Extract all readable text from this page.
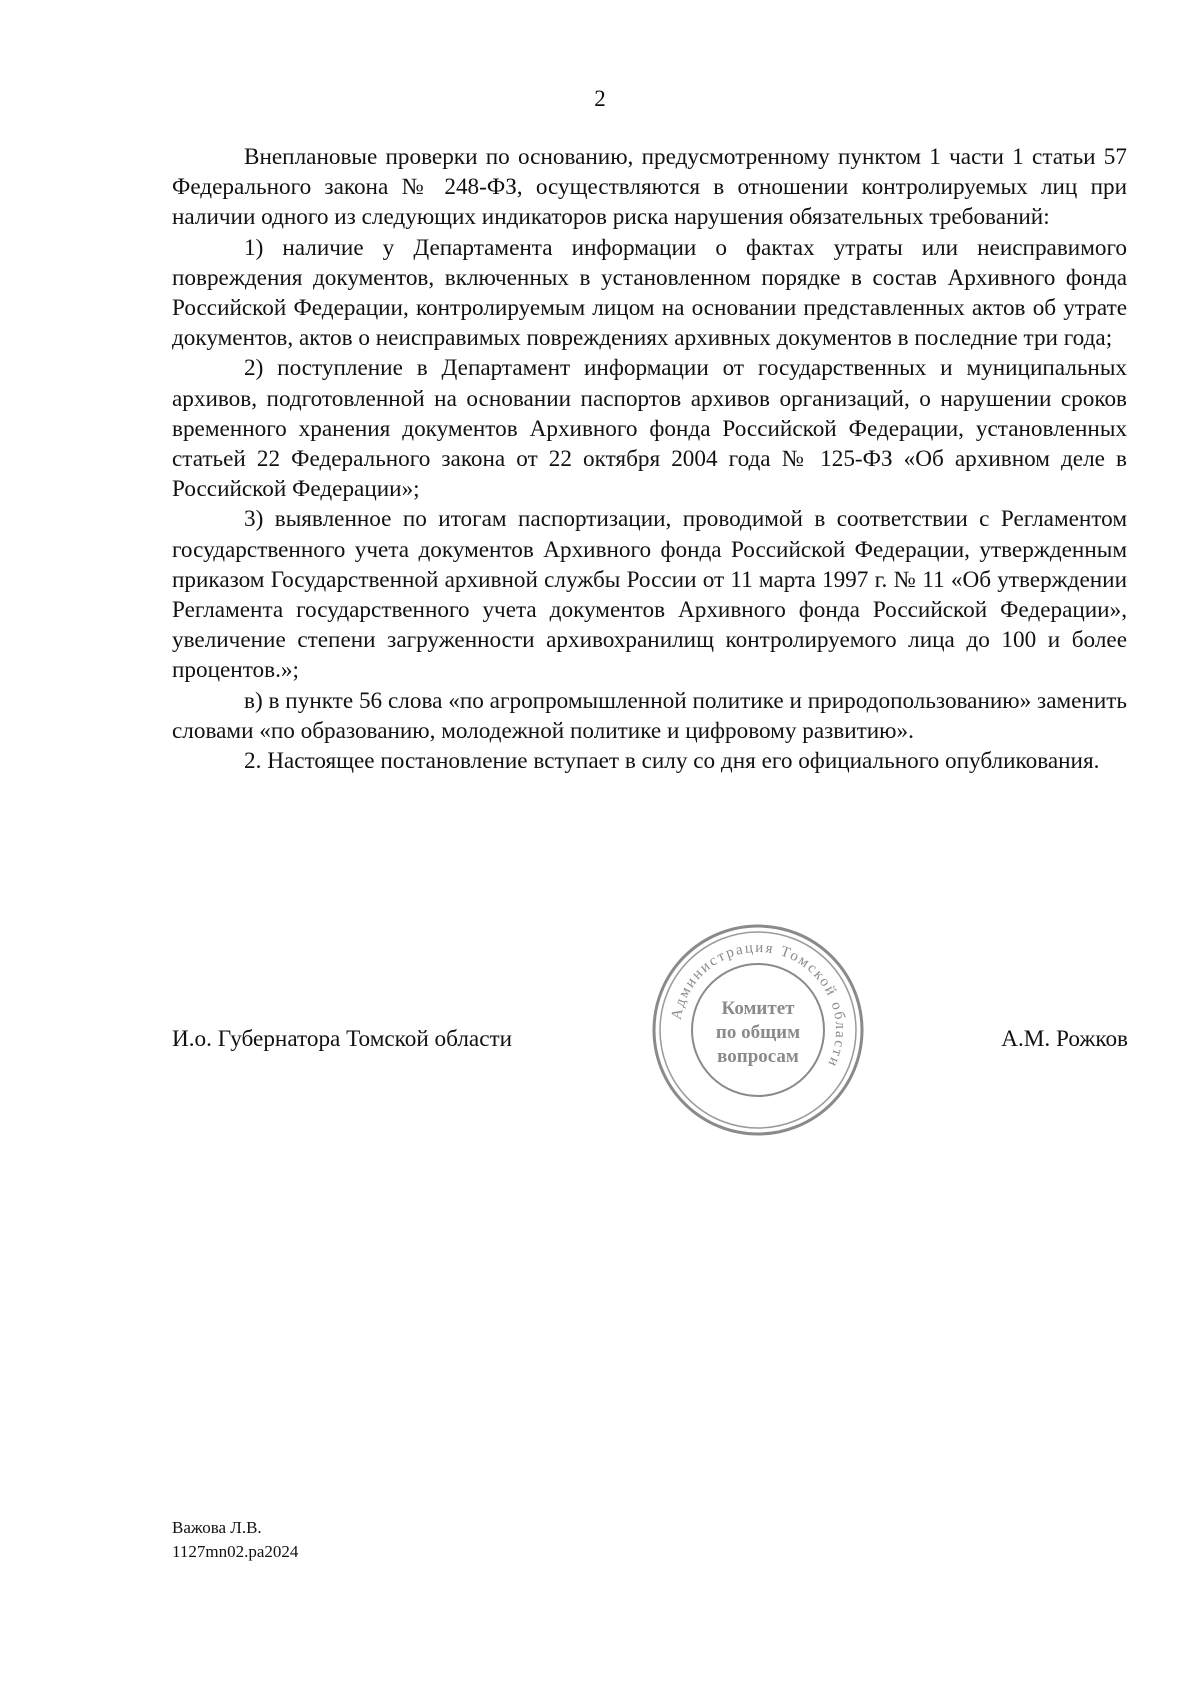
2

Внеплановые проверки по основанию, предусмотренному пунктом 1 части 1 статьи 57 Федерального закона № 248-ФЗ, осуществляются в отношении контролируемых лиц при наличии одного из следующих индикаторов риска нарушения обязательных требований:

1) наличие у Департамента информации о фактах утраты или неисправимого повреждения документов, включенных в установленном порядке в состав Архивного фонда Российской Федерации, контролируемым лицом на основании представленных актов об утрате документов, актов о неисправимых повреждениях архивных документов в последние три года;

2) поступление в Департамент информации от государственных и муниципальных архивов, подготовленной на основании паспортов архивов организаций, о нарушении сроков временного хранения документов Архивного фонда Российской Федерации, установленных статьей 22 Федерального закона от 22 октября 2004 года № 125-ФЗ «Об архивном деле в Российской Федерации»;

3) выявленное по итогам паспортизации, проводимой в соответствии с Регламентом государственного учета документов Архивного фонда Российской Федерации, утвержденным приказом Государственной архивной службы России от 11 марта 1997 г. № 11 «Об утверждении Регламента государственного учета документов Архивного фонда Российской Федерации», увеличение степени загруженности архивохранилищ контролируемого лица до 100 и более процентов.»;

в) в пункте 56 слова «по агропромышленной политике и природопользованию» заменить словами «по образованию, молодежной политике и цифровому развитию».

2. Настоящее постановление вступает в силу со дня его официального опубликования.

И.о. Губернатора Томской области	А.М. Рожков
Администрация Томской области
Комитет
по общим
вопросам
Важова Л.В.
1127mn02.pa2024
